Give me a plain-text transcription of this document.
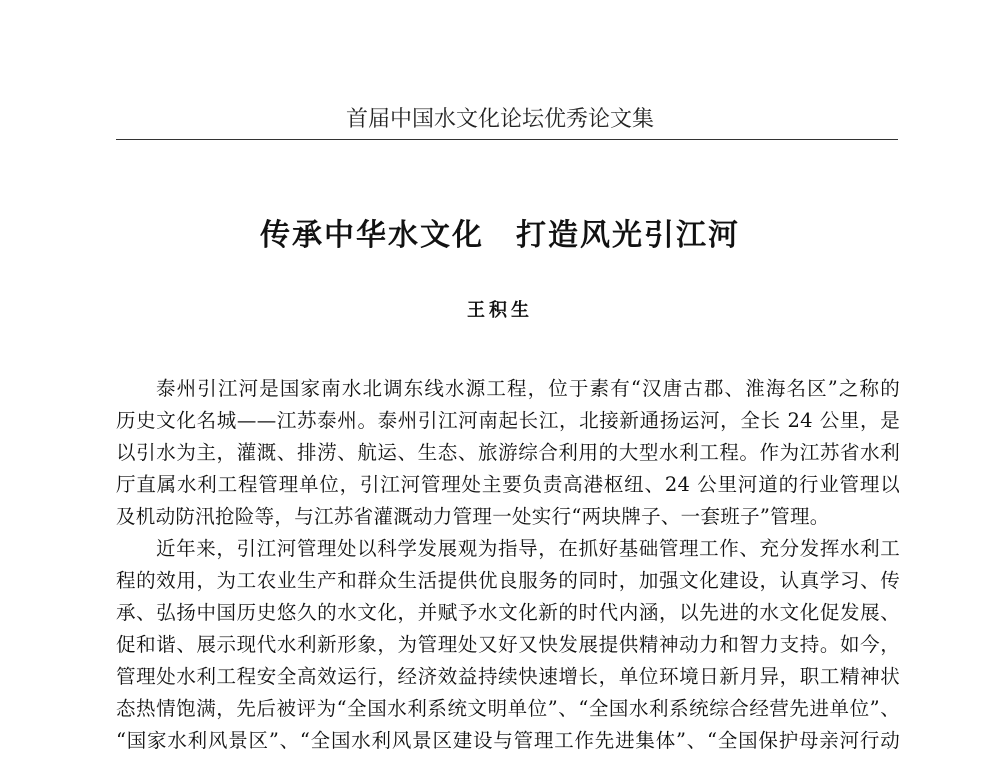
首届中国水文化论坛优秀论文集
传承中华水文化　打造风光引江河
王积生
泰州引江河是国家南水北调东线水源工程，位于素有“汉唐古郡、淮海名区”之称的
历史文化名城——江苏泰州。泰州引江河南起长江，北接新通扬运河，全长 24 公里，是
以引水为主，灌溉、排涝、航运、生态、旅游综合利用的大型水利工程。作为江苏省水利
厅直属水利工程管理单位，引江河管理处主要负责高港枢纽、24 公里河道的行业管理以
及机动防汛抢险等，与江苏省灌溉动力管理一处实行“两块牌子、一套班子”管理。
近年来，引江河管理处以科学发展观为指导，在抓好基础管理工作、充分发挥水利工
程的效用，为工农业生产和群众生活提供优良服务的同时，加强文化建设，认真学习、传
承、弘扬中国历史悠久的水文化，并赋予水文化新的时代内涵，以先进的水文化促发展、
促和谐、展示现代水利新形象，为管理处又好又快发展提供精神动力和智力支持。如今，
管理处水利工程安全高效运行，经济效益持续快速增长，单位环境日新月异，职工精神状
态热情饱满，先后被评为“全国水利系统文明单位”、“全国水利系统综合经营先进单位”、
“国家水利风景区”、“全国水利风景区建设与管理工作先进集体”、“全国保护母亲河行动
